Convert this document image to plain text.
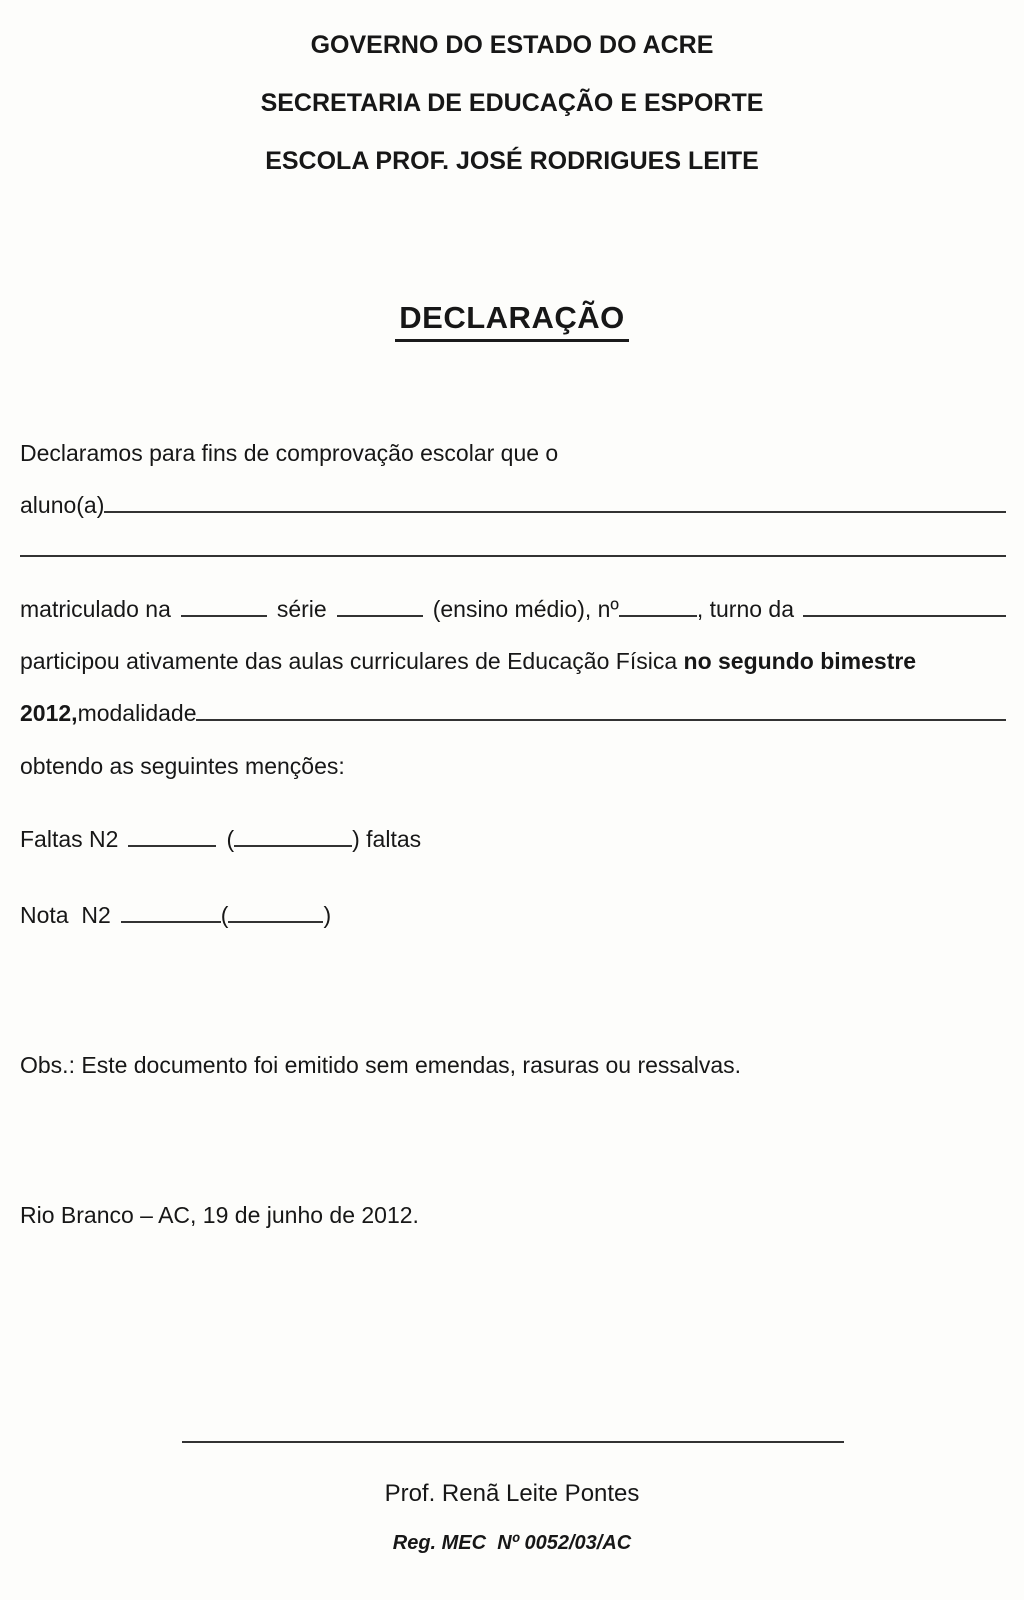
GOVERNO DO ESTADO DO ACRE
SECRETARIA DE EDUCAÇÃO E ESPORTE
ESCOLA PROF. JOSÉ RODRIGUES LEITE
DECLARAÇÃO
Declaramos para fins de comprovação escolar que o
aluno(a)
matriculado na	série	(ensino médio), nº	, turno da
participou ativamente das aulas curriculares de Educação Física no segundo bimestre
2012, modalidade
obtendo as seguintes menções:
Faltas N2	(	) faltas
Nota  N2	(	)
Obs.: Este documento foi emitido sem emendas, rasuras ou ressalvas.
Rio Branco – AC, 19 de junho de 2012.
Prof. Renã Leite Pontes
Reg. MEC  Nº 0052/03/AC
